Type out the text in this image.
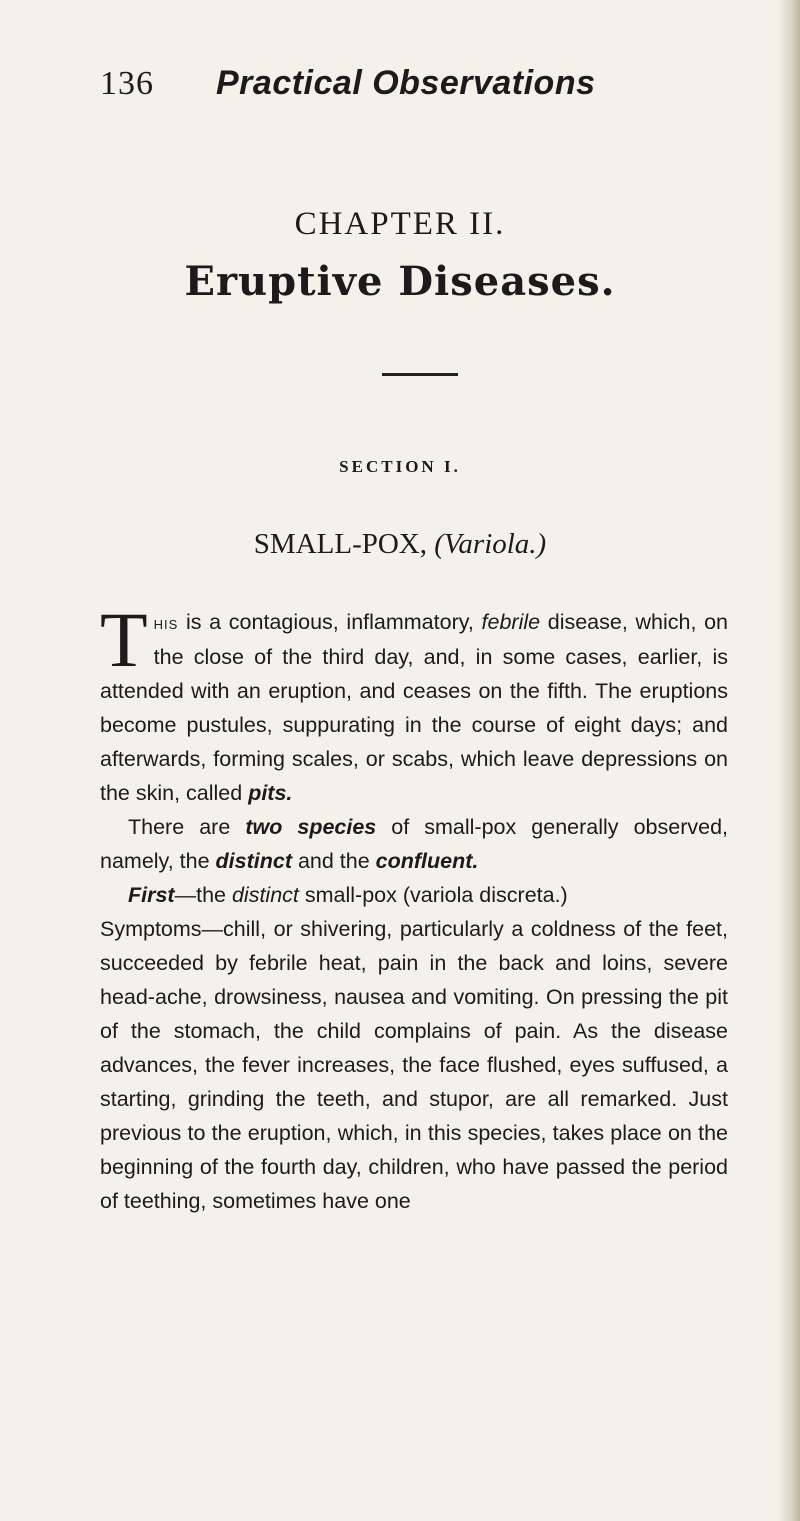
136 Practical Observations
CHAPTER II.
Eruptive Diseases.
SECTION I.
SMALL-POX, (Variola.)

This is a contagious, inflammatory, febrile disease, which, on the close of the third day, and, in some cases, earlier, is attended with an eruption, and ceases on the fifth. The eruptions become pustules, suppurating in the course of eight days; and afterwards, forming scales, or scabs, which leave depressions on the skin, called pits.

There are two species of small-pox generally observed, namely, the distinct and the confluent.

First—the distinct small-pox (variola discreta.)

Symptoms—chill, or shivering, particularly a coldness of the feet, succeeded by febrile heat, pain in the back and loins, severe head-ache, drowsiness, nausea and vomiting. On pressing the pit of the stomach, the child complains of pain. As the disease advances, the fever increases, the face flushed, eyes suffused, a starting, grinding the teeth, and stupor, are all remarked. Just previous to the eruption, which, in this species, takes place on the beginning of the fourth day, children, who have passed the period of teething, sometimes have one
